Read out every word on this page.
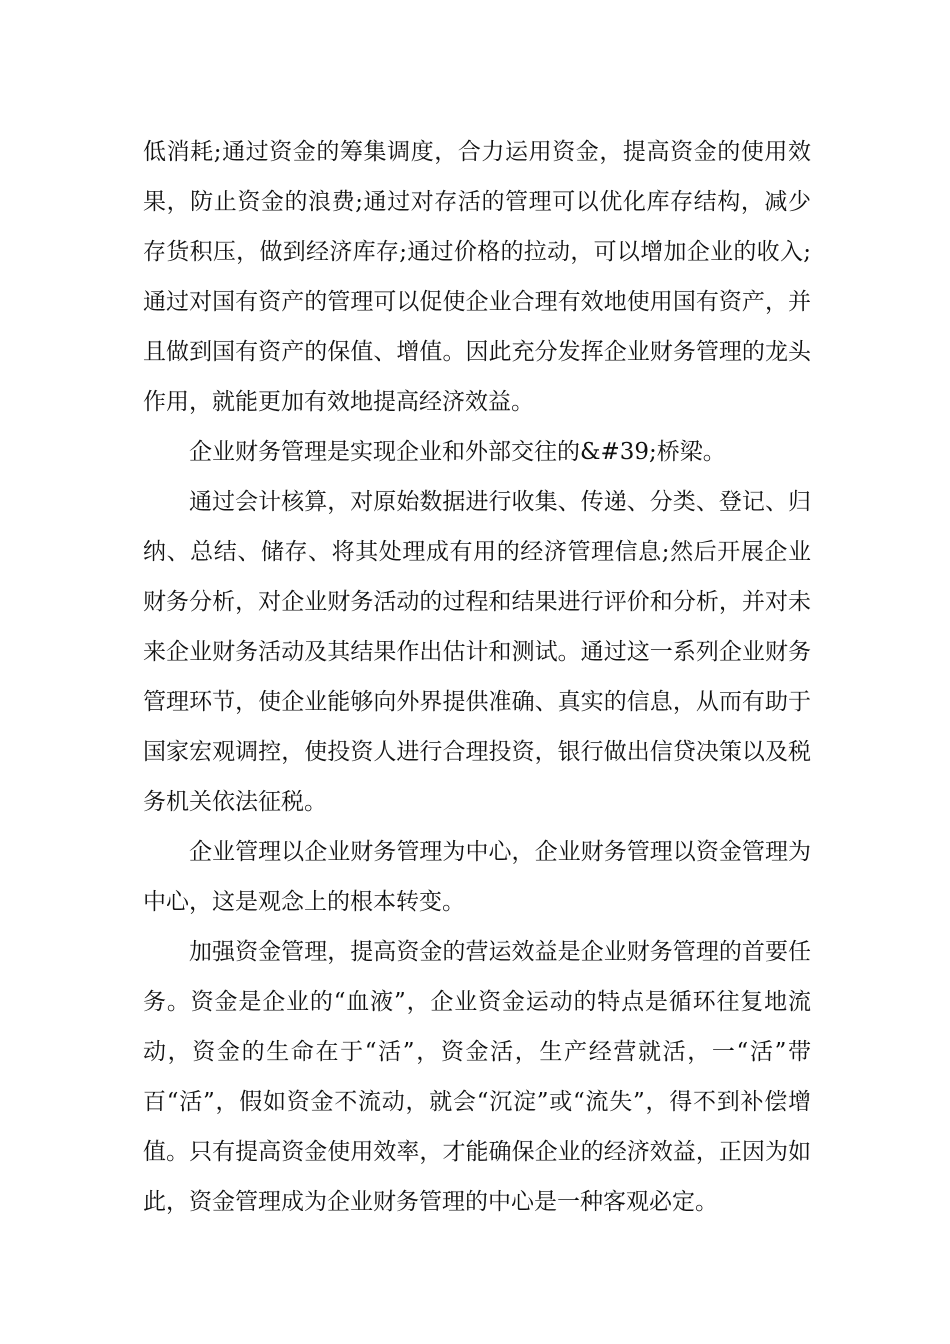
低消耗;通过资金的筹集调度，合力运用资金，提高资金的使用效果，防止资金的浪费;通过对存活的管理可以优化库存结构，减少存货积压，做到经济库存;通过价格的拉动，可以增加企业的收入;通过对国有资产的管理可以促使企业合理有效地使用国有资产，并且做到国有资产的保值、增值。因此充分发挥企业财务管理的龙头作用，就能更加有效地提高经济效益。

企业财务管理是实现企业和外部交往的&#39;桥梁。

通过会计核算，对原始数据进行收集、传递、分类、登记、归纳、总结、储存、将其处理成有用的经济管理信息;然后开展企业财务分析，对企业财务活动的过程和结果进行评价和分析，并对未来企业财务活动及其结果作出估计和测试。通过这一系列企业财务管理环节，使企业能够向外界提供准确、真实的信息，从而有助于国家宏观调控，使投资人进行合理投资，银行做出信贷决策以及税务机关依法征税。

企业管理以企业财务管理为中心，企业财务管理以资金管理为中心，这是观念上的根本转变。

加强资金管理，提高资金的营运效益是企业财务管理的首要任务。资金是企业的“血液”，企业资金运动的特点是循环往复地流动，资金的生命在于“活”，资金活，生产经营就活，一“活”带百“活”，假如资金不流动，就会“沉淀”或“流失”，得不到补偿增值。只有提高资金使用效率，才能确保企业的经济效益，正因为如此，资金管理成为企业财务管理的中心是一种客观必定。
